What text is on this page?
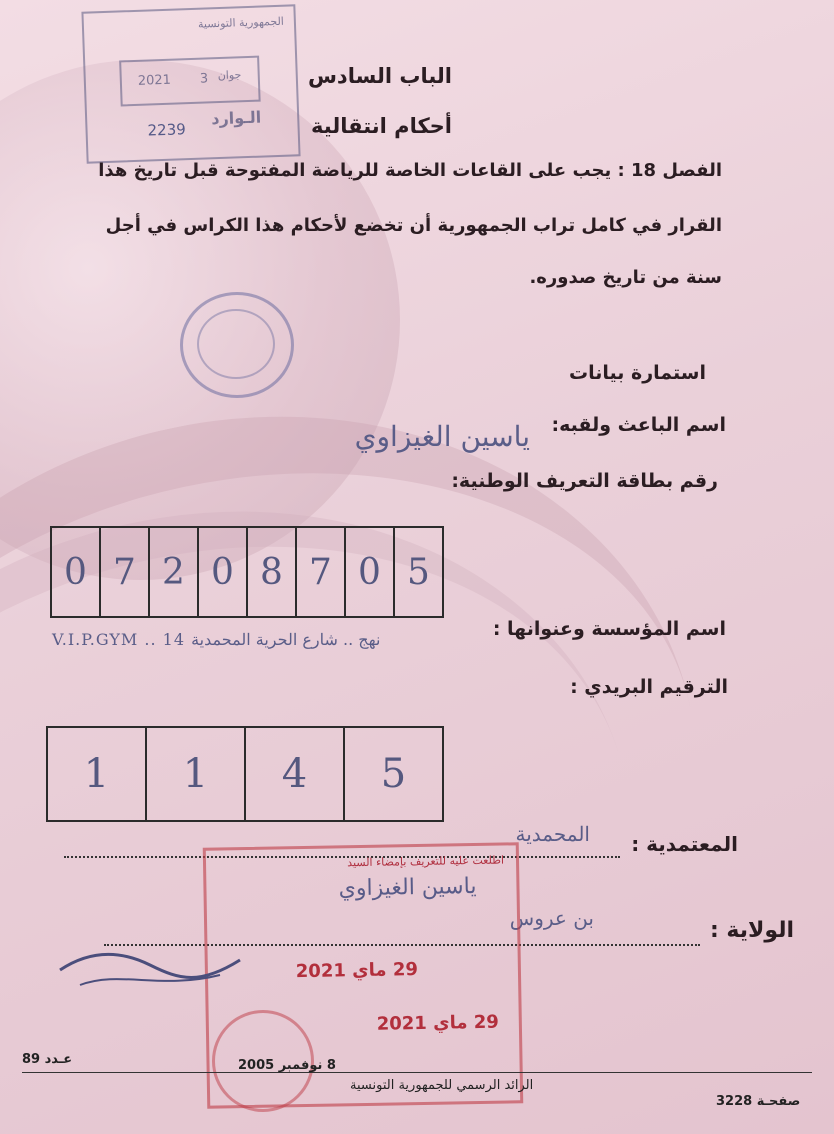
الجمهورية التونسية
2021 3 جوان
الـوارد
2239
الباب السادس
أحكام انتقالية
الفصل 18 : يجب على القاعات الخاصة للرياضة المفتوحة قبل تاريخ هذا
القرار في كامل تراب الجمهورية أن تخضع لأحكام هذا الكراس في أجل
سنة من تاريخ صدوره.
استمارة بيانات
اسم الباعث ولقبه:
ياسين الغيزاوي
رقم بطاقة التعريف الوطنية:
0 7 2 0 8 7 0 5
اسم المؤسسة وعنوانها :
V.I.P.GYM .. 14 نهج .. شارع الحرية المحمدية
الترقيم البريدي :
1	1	4	5
المعتمدية :
المحمدية
الولاية :
بن عروس
اطلعت عليه للتعريف بإمضاء السيد
ياسين الغيزاوي
29 ماي 2021
29 ماي 2021
عـدد 89	8 نوفمبر 2005
الرائد الرسمي للجمهورية التونسية
صفحـة 3228
